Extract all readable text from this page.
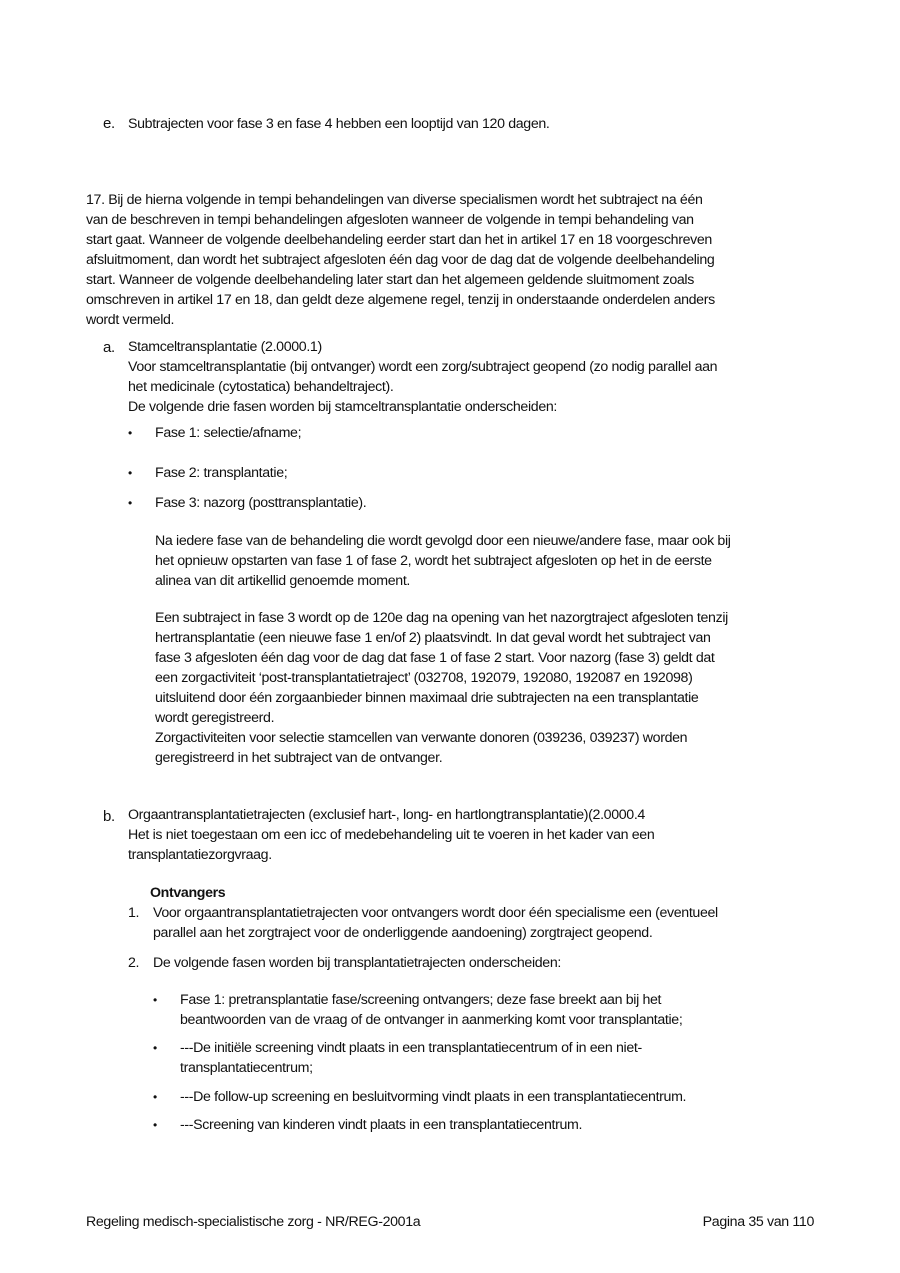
e. Subtrajecten voor fase 3 en fase 4 hebben een looptijd van 120 dagen.
17. Bij de hierna volgende in tempi behandelingen van diverse specialismen wordt het subtraject na één
van de beschreven in tempi behandelingen afgesloten wanneer de volgende in tempi behandeling van
start gaat. Wanneer de volgende deelbehandeling eerder start dan het in artikel 17 en 18 voorgeschreven
afsluitmoment, dan wordt het subtraject afgesloten één dag voor de dag dat de volgende deelbehandeling
start. Wanneer de volgende deelbehandeling later start dan het algemeen geldende sluitmoment zoals
omschreven in artikel 17 en 18, dan geldt deze algemene regel, tenzij in onderstaande onderdelen anders
wordt vermeld.
a. Stamceltransplantatie (2.0000.1)
Voor stamceltransplantatie (bij ontvanger) wordt een zorg/subtraject geopend (zo nodig parallel aan
het medicinale (cytostatica) behandeltraject).
De volgende drie fasen worden bij stamceltransplantatie onderscheiden:
• Fase 1: selectie/afname;
• Fase 2: transplantatie;
• Fase 3: nazorg (posttransplantatie).
Na iedere fase van de behandeling die wordt gevolgd door een nieuwe/andere fase, maar ook bij
het opnieuw opstarten van fase 1 of fase 2, wordt het subtraject afgesloten op het in de eerste
alinea van dit artikellid genoemde moment.
Een subtraject in fase 3 wordt op de 120e dag na opening van het nazorgtraject afgesloten tenzij
hertransplantatie (een nieuwe fase 1 en/of 2) plaatsvindt. In dat geval wordt het subtraject van
fase 3 afgesloten één dag voor de dag dat fase 1 of fase 2 start. Voor nazorg (fase 3) geldt dat
een zorgactiviteit ‘post-transplantatietraject’ (032708, 192079, 192080, 192087 en 192098)
uitsluitend door één zorgaanbieder binnen maximaal drie subtrajecten na een transplantatie
wordt geregistreerd.
Zorgactiviteiten voor selectie stamcellen van verwante donoren (039236, 039237) worden
geregistreerd in het subtraject van de ontvanger.
b. Orgaantransplantatietrajecten (exclusief hart-, long- en hartlongtransplantatie)(2.0000.4
Het is niet toegestaan om een icc of medebehandeling uit te voeren in het kader van een
transplantatiezorgvraag.
Ontvangers
1. Voor orgaantransplantatietrajecten voor ontvangers wordt door één specialisme een (eventueel
parallel aan het zorgtraject voor de onderliggende aandoening) zorgtraject geopend.
2. De volgende fasen worden bij transplantatietrajecten onderscheiden:
• Fase 1: pretransplantatie fase/screening ontvangers; deze fase breekt aan bij het
beantwoorden van de vraag of de ontvanger in aanmerking komt voor transplantatie;
• ---De initiële screening vindt plaats in een transplantatiecentrum of in een niet-
transplantatiecentrum;
• ---De follow-up screening en besluitvorming vindt plaats in een transplantatiecentrum.
• ---Screening van kinderen vindt plaats in een transplantatiecentrum.
Regeling medisch-specialistische zorg - NR/REG-2001a	Pagina 35 van 110
